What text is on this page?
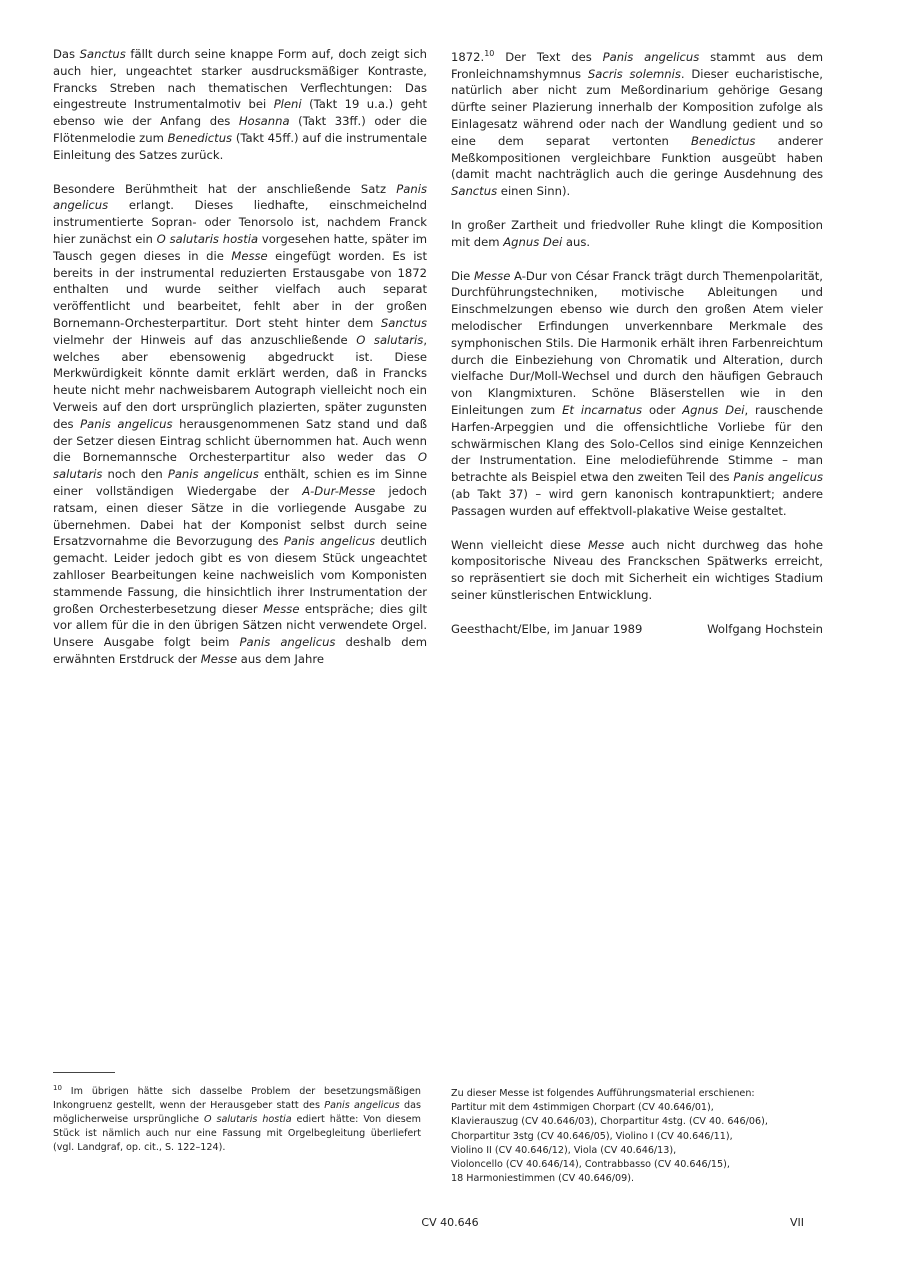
Das Sanctus fällt durch seine knappe Form auf, doch zeigt sich auch hier, ungeachtet starker ausdrucksmäßiger Kontraste, Francks Streben nach thematischen Verflechtungen: Das eingestreute Instrumentalmotiv bei Pleni (Takt 19 u.a.) geht ebenso wie der Anfang des Hosanna (Takt 33ff.) oder die Flötenmelodie zum Benedictus (Takt 45ff.) auf die instrumentale Einleitung des Satzes zurück.

Besondere Berühmtheit hat der anschließende Satz Panis angelicus erlangt. Dieses liedhafte, einschmeichelnd instrumentierte Sopran- oder Tenorsolo ist, nachdem Franck hier zunächst ein O salutaris hostia vorgesehen hatte, später im Tausch gegen dieses in die Messe eingefügt worden. Es ist bereits in der instrumental reduzierten Erstausgabe von 1872 enthalten und wurde seither vielfach auch separat veröffentlicht und bearbeitet, fehlt aber in der großen Bornemann-Orchesterpartitur. Dort steht hinter dem Sanctus vielmehr der Hinweis auf das anzuschließende O salutaris, welches aber ebensowenig abgedruckt ist. Diese Merkwürdigkeit könnte damit erklärt werden, daß in Francks heute nicht mehr nachweisbarem Autograph vielleicht noch ein Verweis auf den dort ursprünglich plazierten, später zugunsten des Panis angelicus herausgenommenen Satz stand und daß der Setzer diesen Eintrag schlicht übernommen hat. Auch wenn die Bornemannsche Orchesterpartitur also weder das O salutaris noch den Panis angelicus enthält, schien es im Sinne einer vollständigen Wiedergabe der A-Dur-Messe jedoch ratsam, einen dieser Sätze in die vorliegende Ausgabe zu übernehmen. Dabei hat der Komponist selbst durch seine Ersatzvornahme die Bevorzugung des Panis angelicus deutlich gemacht. Leider jedoch gibt es von diesem Stück ungeachtet zahlloser Bearbeitungen keine nachweislich vom Komponisten stammende Fassung, die hinsichtlich ihrer Instrumentation der großen Orchesterbesetzung dieser Messe entspräche; dies gilt vor allem für die in den übrigen Sätzen nicht verwendete Orgel. Unsere Ausgabe folgt beim Panis angelicus deshalb dem erwähnten Erstdruck der Messe aus dem Jahre

1872.10 Der Text des Panis angelicus stammt aus dem Fronleichnamshymnus Sacris solemnis. Dieser eucharistische, natürlich aber nicht zum Meßordinarium gehörige Gesang dürfte seiner Plazierung innerhalb der Komposition zufolge als Einlagesatz während oder nach der Wandlung gedient und so eine dem separat vertonten Benedictus anderer Meßkompositionen vergleichbare Funktion ausgeübt haben (damit macht nachträglich auch die geringe Ausdehnung des Sanctus einen Sinn).

In großer Zartheit und friedvoller Ruhe klingt die Komposition mit dem Agnus Dei aus.

Die Messe A-Dur von César Franck trägt durch Themenpolarität, Durchführungstechniken, motivische Ableitungen und Einschmelzungen ebenso wie durch den großen Atem vieler melodischer Erfindungen unverkennbare Merkmale des symphonischen Stils. Die Harmonik erhält ihren Farbenreichtum durch die Einbeziehung von Chromatik und Alteration, durch vielfache Dur/Moll-Wechsel und durch den häufigen Gebrauch von Klangmixturen. Schöne Bläserstellen wie in den Einleitungen zum Et incarnatus oder Agnus Dei, rauschende Harfen-Arpeggien und die offensichtliche Vorliebe für den schwärmischen Klang des Solo-Cellos sind einige Kennzeichen der Instrumentation. Eine melodieführende Stimme – man betrachte als Beispiel etwa den zweiten Teil des Panis angelicus (ab Takt 37) – wird gern kanonisch kontrapunktiert; andere Passagen wurden auf effektvoll-plakative Weise gestaltet.

Wenn vielleicht diese Messe auch nicht durchweg das hohe kompositorische Niveau des Franckschen Spätwerks erreicht, so repräsentiert sie doch mit Sicherheit ein wichtiges Stadium seiner künstlerischen Entwicklung.

Geesthacht/Elbe, im Januar 1989	Wolfgang Hochstein
$^{10}$ Im übrigen hätte sich dasselbe Problem der besetzungsmäßigen Inkongruenz gestellt, wenn der Herausgeber statt des Panis angelicus das möglicherweise ursprüngliche O salutaris hostia ediert hätte: Von diesem Stück ist nämlich auch nur eine Fassung mit Orgelbegleitung überliefert (vgl. Landgraf, op. cit., S. 122–124).
Zu dieser Messe ist folgendes Aufführungsmaterial erschienen:
Partitur mit dem 4stimmigen Chorpart (CV 40.646/01),
Klavierauszug (CV 40.646/03), Chorpartitur 4stg. (CV 40. 646/06),
Chorpartitur 3stg (CV 40.646/05), Violino I (CV 40.646/11),
Violino II (CV 40.646/12), Viola (CV 40.646/13),
Violoncello (CV 40.646/14), Contrabbasso (CV 40.646/15),
18 Harmoniestimmen (CV 40.646/09).
CV 40.646	VII
